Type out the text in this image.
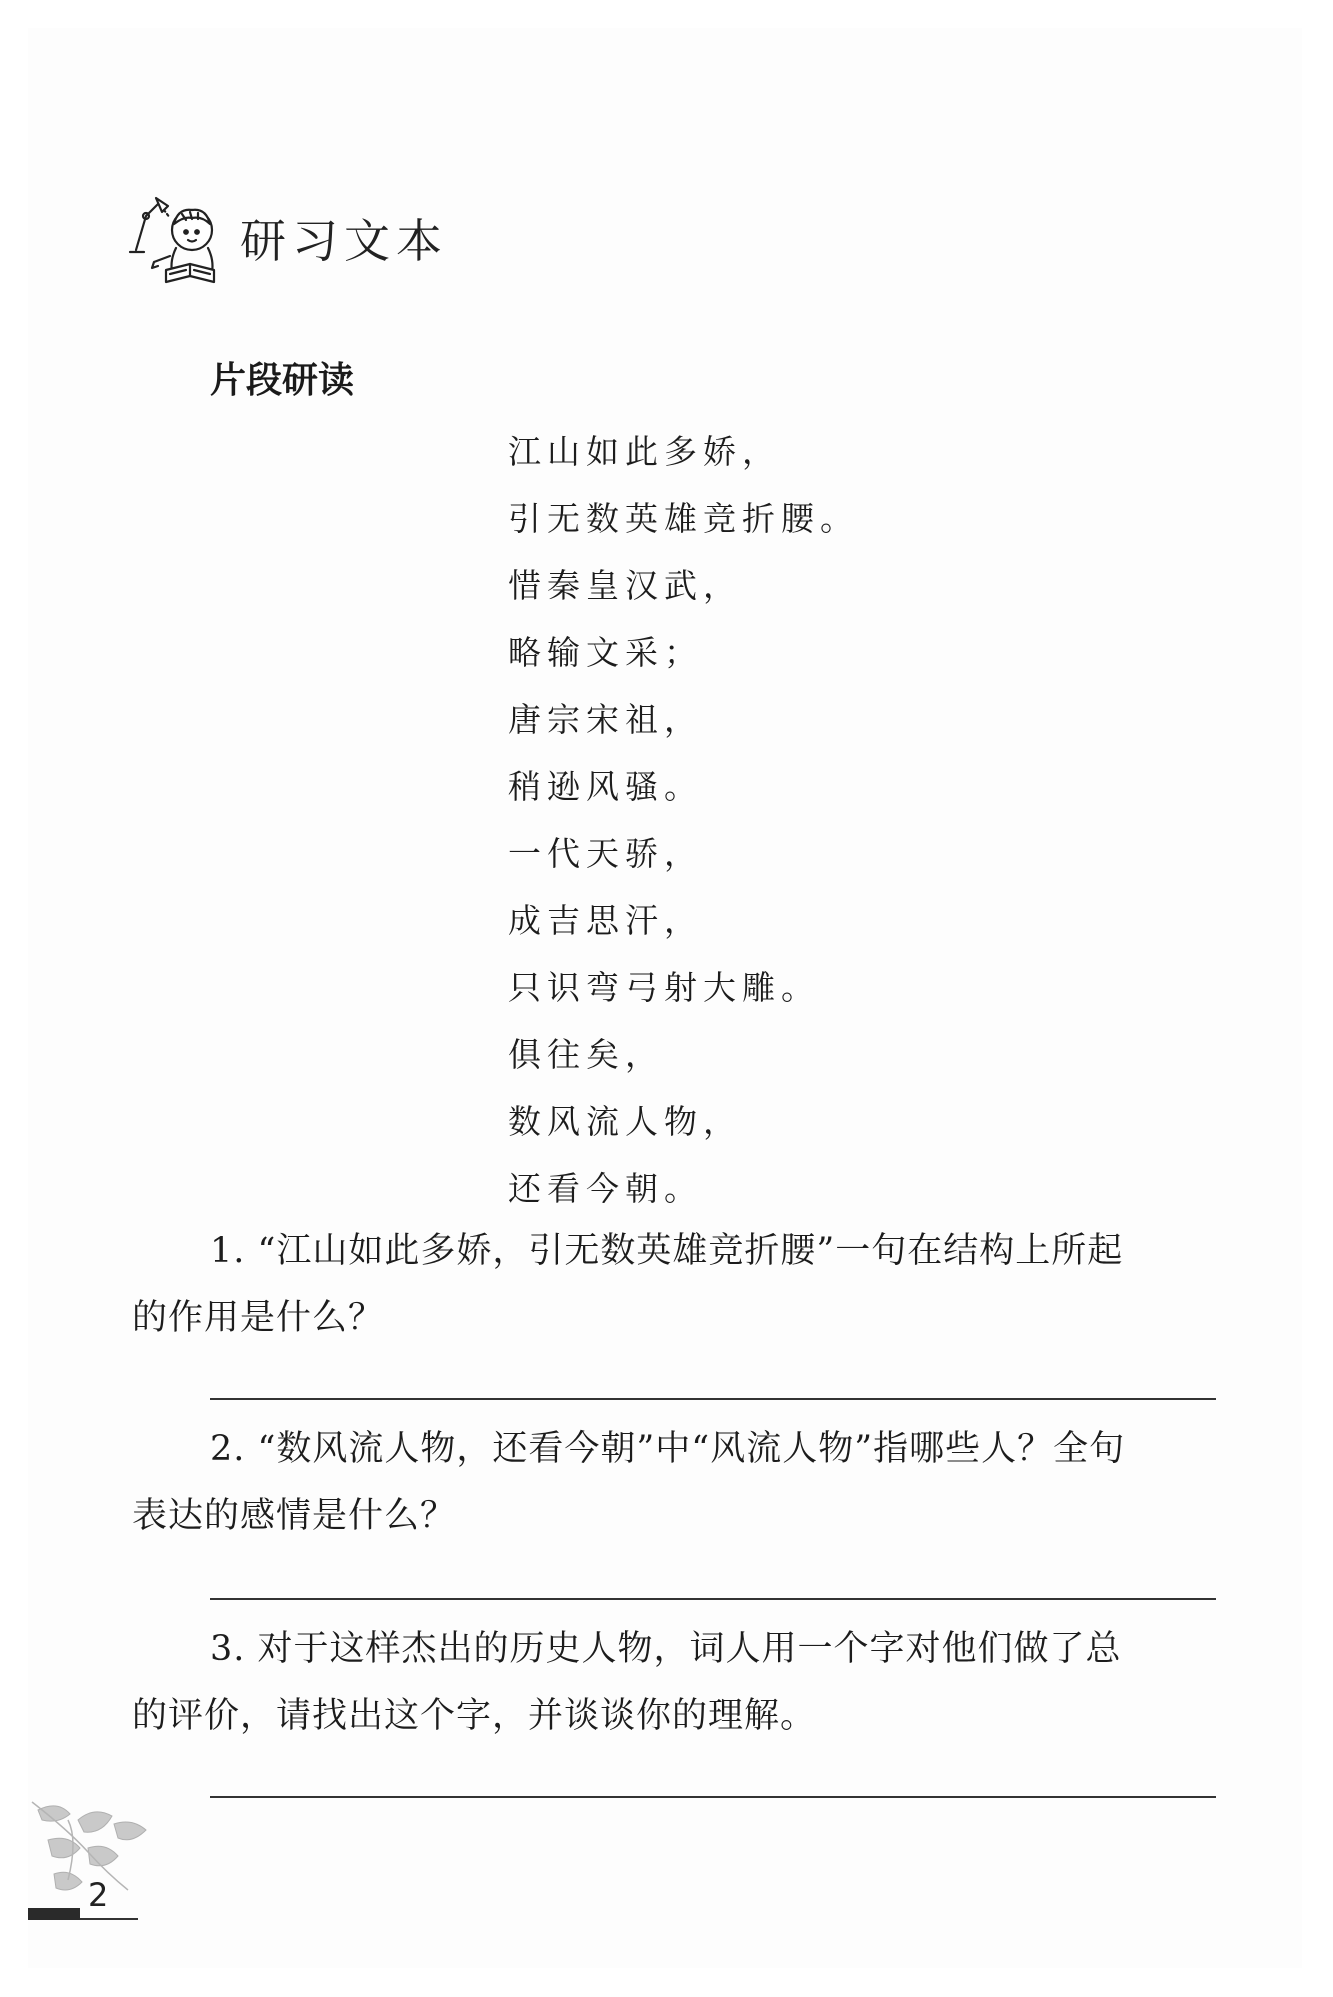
研习文本
片段研读
江山如此多娇，
引无数英雄竞折腰。
惜秦皇汉武，
略输文采；
唐宗宋祖，
稍逊风骚。
一代天骄，
成吉思汗，
只识弯弓射大雕。
俱往矣，
数风流人物，
还看今朝。

1. “江山如此多娇，引无数英雄竞折腰”一句在结构上所起
的作用是什么？

2. “数风流人物，还看今朝”中“风流人物”指哪些人？全句
表达的感情是什么？

3. 对于这样杰出的历史人物，词人用一个字对他们做了总
的评价，请找出这个字，并谈谈你的理解。

2
